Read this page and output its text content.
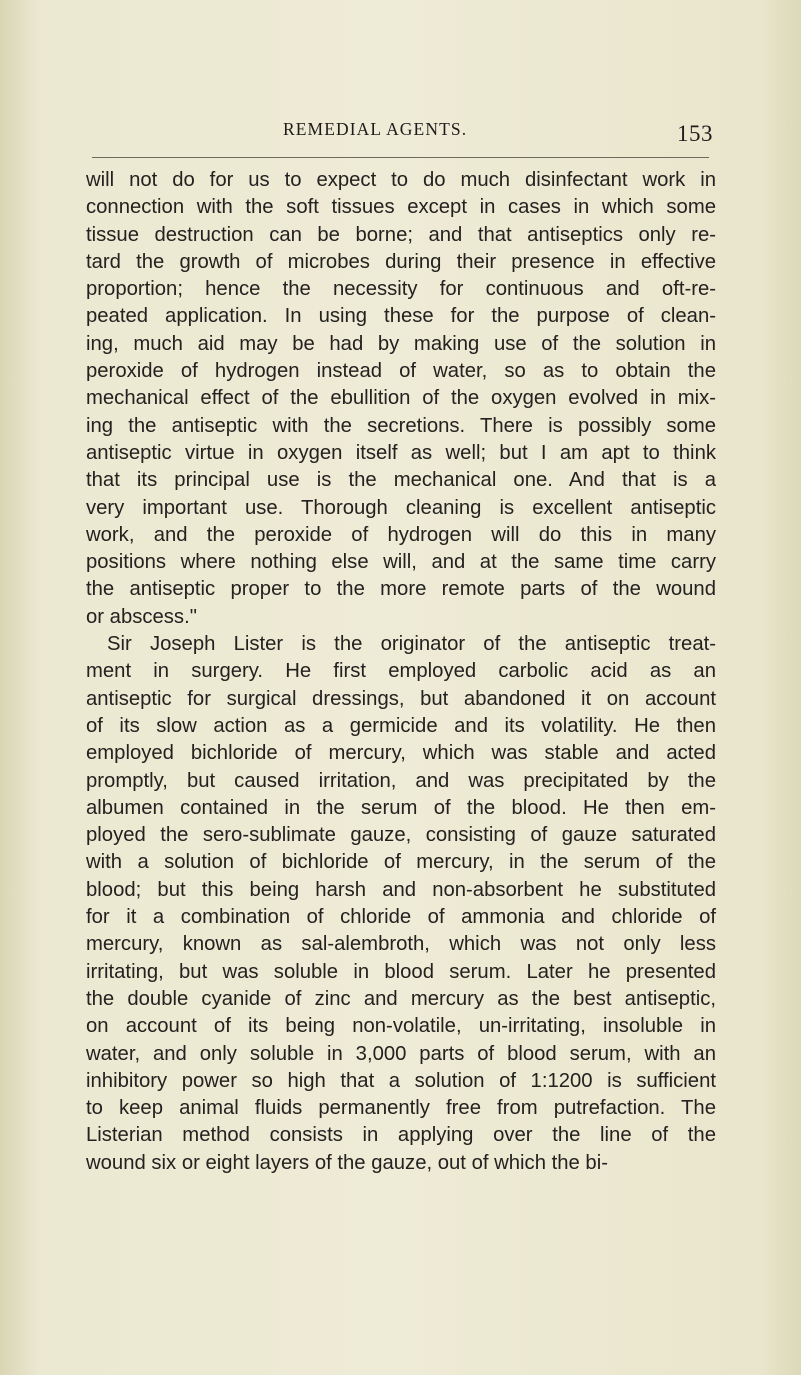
REMEDIAL AGENTS.	153
will not do for us to expect to do much disinfectant work in
connection with the soft tissues except in cases in which some
tissue destruction can be borne; and that antiseptics only re-
tard the growth of microbes during their presence in effective
proportion; hence the necessity for continuous and oft-re-
peated application. In using these for the purpose of clean-
ing, much aid may be had by making use of the solution in
peroxide of hydrogen instead of water, so as to obtain the
mechanical effect of the ebullition of the oxygen evolved in mix-
ing the antiseptic with the secretions. There is possibly some
antiseptic virtue in oxygen itself as well; but I am apt to think
that its principal use is the mechanical one. And that is a
very important use. Thorough cleaning is excellent antiseptic
work, and the peroxide of hydrogen will do this in many
positions where nothing else will, and at the same time carry
the antiseptic proper to the more remote parts of the wound
or abscess."
Sir Joseph Lister is the originator of the antiseptic treat-
ment in surgery. He first employed carbolic acid as an
antiseptic for surgical dressings, but abandoned it on account
of its slow action as a germicide and its volatility. He then
employed bichloride of mercury, which was stable and acted
promptly, but caused irritation, and was precipitated by the
albumen contained in the serum of the blood. He then em-
ployed the sero-sublimate gauze, consisting of gauze saturated
with a solution of bichloride of mercury, in the serum of the
blood; but this being harsh and non-absorbent he substituted
for it a combination of chloride of ammonia and chloride of
mercury, known as sal-alembroth, which was not only less
irritating, but was soluble in blood serum. Later he presented
the double cyanide of zinc and mercury as the best antiseptic,
on account of its being non-volatile, un-irritating, insoluble in
water, and only soluble in 3,000 parts of blood serum, with an
inhibitory power so high that a solution of 1:1200 is sufficient
to keep animal fluids permanently free from putrefaction. The
Listerian method consists in applying over the line of the
wound six or eight layers of the gauze, out of which the bi-
